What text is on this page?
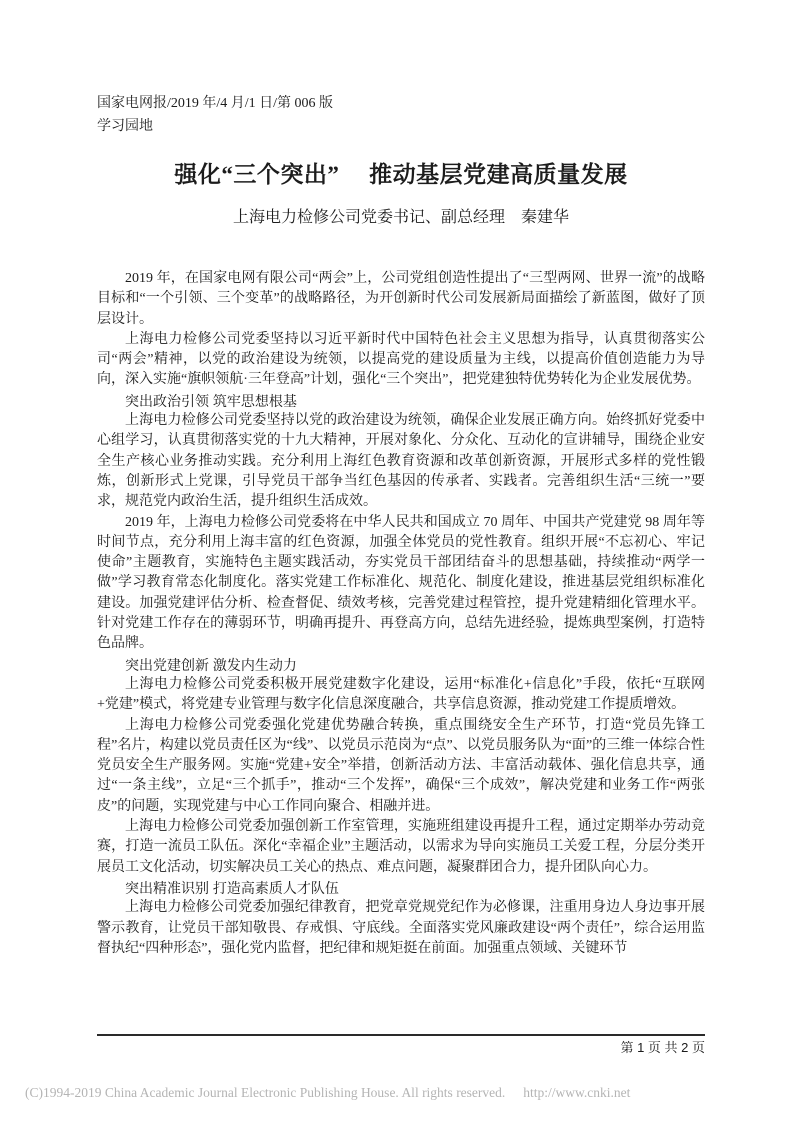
国家电网报/2019 年/4 月/1 日/第 006 版
学习园地
强化“三个突出”　 推动基层党建高质量发展
上海电力检修公司党委书记、副总经理　秦建华

2019 年，在国家电网有限公司“两会”上，公司党组创造性提出了“三型两网、世界一流”的战略目标和“一个引领、三个变革”的战略路径，为开创新时代公司发展新局面描绘了新蓝图，做好了顶层设计。

上海电力检修公司党委坚持以习近平新时代中国特色社会主义思想为指导，认真贯彻落实公司“两会”精神，以党的政治建设为统领，以提高党的建设质量为主线，以提高价值创造能力为导向，深入实施“旗帜领航·三年登高”计划，强化“三个突出”，把党建独特优势转化为企业发展优势。

突出政治引领 筑牢思想根基

上海电力检修公司党委坚持以党的政治建设为统领，确保企业发展正确方向。始终抓好党委中心组学习，认真贯彻落实党的十九大精神，开展对象化、分众化、互动化的宣讲辅导，围绕企业安全生产核心业务推动实践。充分利用上海红色教育资源和改革创新资源，开展形式多样的党性锻炼，创新形式上党课，引导党员干部争当红色基因的传承者、实践者。完善组织生活“三统一”要求，规范党内政治生活，提升组织生活成效。

2019 年，上海电力检修公司党委将在中华人民共和国成立 70 周年、中国共产党建党 98 周年等时间节点，充分利用上海丰富的红色资源，加强全体党员的党性教育。组织开展“不忘初心、牢记使命”主题教育，实施特色主题实践活动，夯实党员干部团结奋斗的思想基础，持续推动“两学一做”学习教育常态化制度化。落实党建工作标准化、规范化、制度化建设，推进基层党组织标准化建设。加强党建评估分析、检查督促、绩效考核，完善党建过程管控，提升党建精细化管理水平。针对党建工作存在的薄弱环节，明确再提升、再登高方向，总结先进经验，提炼典型案例，打造特色品牌。

突出党建创新 激发内生动力

上海电力检修公司党委积极开展党建数字化建设，运用“标准化+信息化”手段，依托“互联网+党建”模式，将党建专业管理与数字化信息深度融合，共享信息资源，推动党建工作提质增效。

上海电力检修公司党委强化党建优势融合转换，重点围绕安全生产环节，打造“党员先锋工程”名片，构建以党员责任区为“线”、以党员示范岗为“点”、以党员服务队为“面”的三维一体综合性党员安全生产服务网。实施“党建+安全”举措，创新活动方法、丰富活动载体、强化信息共享，通过“一条主线”，立足“三个抓手”，推动“三个发挥”，确保“三个成效”，解决党建和业务工作“两张皮”的问题，实现党建与中心工作同向聚合、相融并进。

上海电力检修公司党委加强创新工作室管理，实施班组建设再提升工程，通过定期举办劳动竞赛，打造一流员工队伍。深化“幸福企业”主题活动，以需求为导向实施员工关爱工程，分层分类开展员工文化活动，切实解决员工关心的热点、难点问题，凝聚群团合力，提升团队向心力。

突出精准识别 打造高素质人才队伍

上海电力检修公司党委加强纪律教育，把党章党规党纪作为必修课，注重用身边人身边事开展警示教育，让党员干部知敬畏、存戒惧、守底线。全面落实党风廉政建设“两个责任”，综合运用监督执纪“四种形态”，强化党内监督，把纪律和规矩挺在前面。加强重点领域、关键环节

第 1 页 共 2 页
(C)1994-2019 China Academic Journal Electronic Publishing House. All rights reserved. http://www.cnki.net
